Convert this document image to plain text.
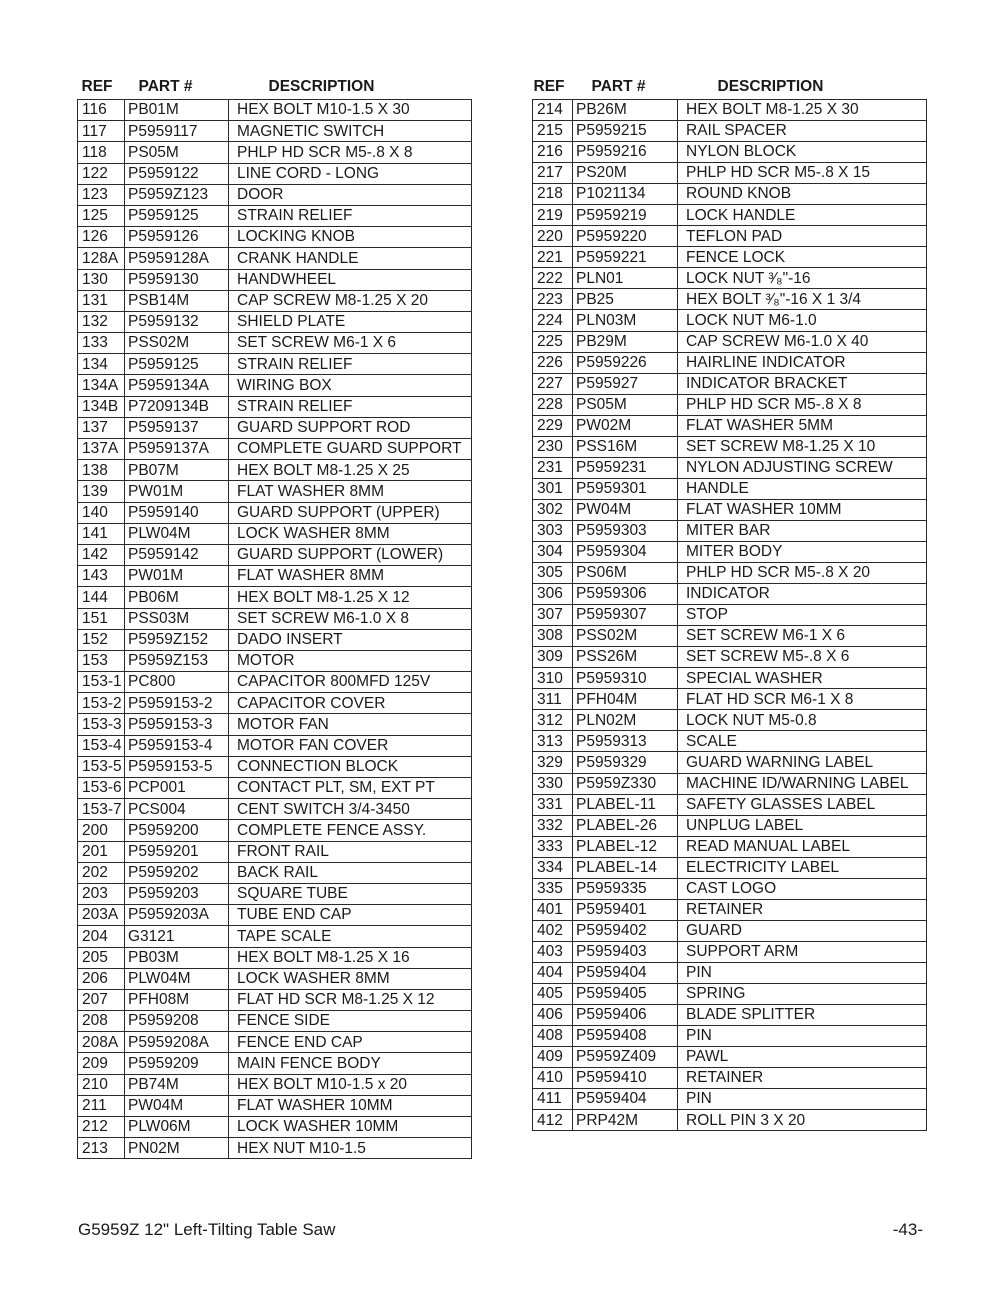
REF	PART #	DESCRIPTION
116	PB01M	HEX BOLT M10-1.5 X 30
117	P5959117	MAGNETIC SWITCH
118	PS05M	PHLP HD SCR M5-.8 X 8
122	P5959122	LINE CORD - LONG
123	P5959Z123	DOOR
125	P5959125	STRAIN RELIEF
126	P5959126	LOCKING KNOB
128A	P5959128A	CRANK HANDLE
130	P5959130	HANDWHEEL
131	PSB14M	CAP SCREW M8-1.25 X 20
132	P5959132	SHIELD PLATE
133	PSS02M	SET SCREW M6-1 X 6
134	P5959125	STRAIN RELIEF
134A	P5959134A	WIRING BOX
134B	P7209134B	STRAIN RELIEF
137	P5959137	GUARD SUPPORT ROD
137A	P5959137A	COMPLETE GUARD SUPPORT
138	PB07M	HEX BOLT M8-1.25 X 25
139	PW01M	FLAT WASHER 8MM
140	P5959140	GUARD SUPPORT (UPPER)
141	PLW04M	LOCK WASHER 8MM
142	P5959142	GUARD SUPPORT (LOWER)
143	PW01M	FLAT WASHER 8MM
144	PB06M	HEX BOLT M8-1.25 X 12
151	PSS03M	SET SCREW M6-1.0 X 8
152	P5959Z152	DADO INSERT
153	P5959Z153	MOTOR
153-1	PC800	CAPACITOR 800MFD 125V
153-2	P5959153-2	CAPACITOR COVER
153-3	P5959153-3	MOTOR FAN
153-4	P5959153-4	MOTOR FAN COVER
153-5	P5959153-5	CONNECTION BLOCK
153-6	PCP001	CONTACT PLT, SM, EXT PT
153-7	PCS004	CENT SWITCH 3/4-3450
200	P5959200	COMPLETE FENCE ASSY.
201	P5959201	FRONT RAIL
202	P5959202	BACK RAIL
203	P5959203	SQUARE TUBE
203A	P5959203A	TUBE END CAP
204	G3121	TAPE SCALE
205	PB03M	HEX BOLT M8-1.25 X 16
206	PLW04M	LOCK WASHER 8MM
207	PFH08M	FLAT HD SCR M8-1.25 X 12
208	P5959208	FENCE SIDE
208A	P5959208A	FENCE END CAP
209	P5959209	MAIN FENCE BODY
210	PB74M	HEX BOLT M10-1.5 x 20
211	PW04M	FLAT WASHER 10MM
212	PLW06M	LOCK WASHER 10MM
213	PN02M	HEX NUT M10-1.5
REF	PART #	DESCRIPTION
214	PB26M	HEX BOLT M8-1.25 X 30
215	P5959215	RAIL SPACER
216	P5959216	NYLON BLOCK
217	PS20M	PHLP HD SCR M5-.8 X 15
218	P1021134	ROUND KNOB
219	P5959219	LOCK HANDLE
220	P5959220	TEFLON PAD
221	P5959221	FENCE LOCK
222	PLN01	LOCK NUT ³⁄₈"-16
223	PB25	HEX BOLT ³⁄₈"-16 X 1 3/4
224	PLN03M	LOCK NUT M6-1.0
225	PB29M	CAP SCREW M6-1.0 X 40
226	P5959226	HAIRLINE INDICATOR
227	P595927	INDICATOR BRACKET
228	PS05M	PHLP HD SCR M5-.8 X 8
229	PW02M	FLAT WASHER 5MM
230	PSS16M	SET SCREW M8-1.25 X 10
231	P5959231	NYLON ADJUSTING SCREW
301	P5959301	HANDLE
302	PW04M	FLAT WASHER 10MM
303	P5959303	MITER BAR
304	P5959304	MITER BODY
305	PS06M	PHLP HD SCR M5-.8 X 20
306	P5959306	INDICATOR
307	P5959307	STOP
308	PSS02M	SET SCREW M6-1 X 6
309	PSS26M	SET SCREW M5-.8 X 6
310	P5959310	SPECIAL WASHER
311	PFH04M	FLAT HD SCR M6-1 X 8
312	PLN02M	LOCK NUT M5-0.8
313	P5959313	SCALE
329	P5959329	GUARD WARNING LABEL
330	P5959Z330	MACHINE ID/WARNING LABEL
331	PLABEL-11	SAFETY GLASSES LABEL
332	PLABEL-26	UNPLUG LABEL
333	PLABEL-12	READ MANUAL LABEL
334	PLABEL-14	ELECTRICITY LABEL
335	P5959335	CAST LOGO
401	P5959401	RETAINER
402	P5959402	GUARD
403	P5959403	SUPPORT ARM
404	P5959404	PIN
405	P5959405	SPRING
406	P5959406	BLADE SPLITTER
408	P5959408	PIN
409	P5959Z409	PAWL
410	P5959410	RETAINER
411	P5959404	PIN
412	PRP42M	ROLL PIN 3 X 20
G5959Z 12" Left-Tilting Table Saw	-43-
